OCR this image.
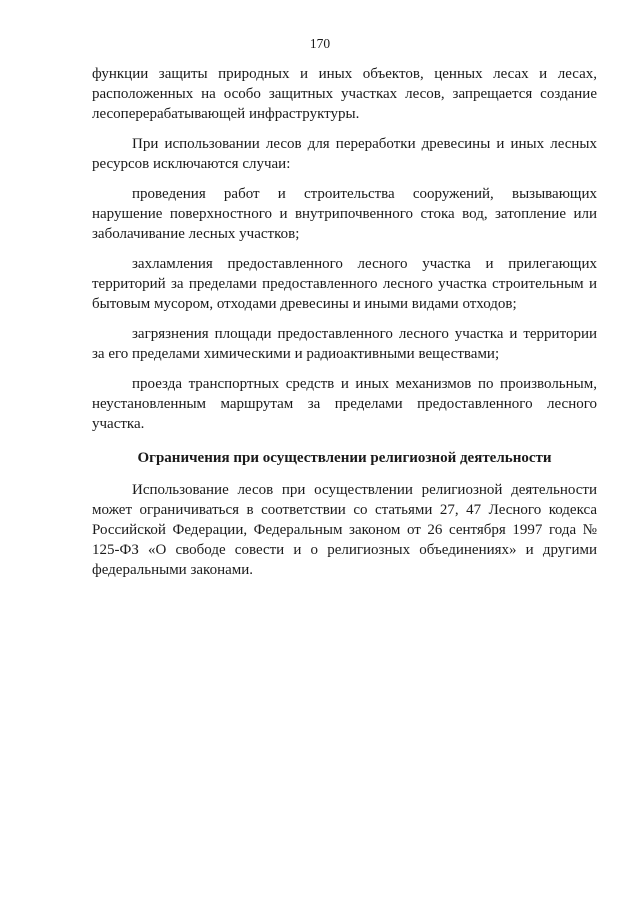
170

функции защиты природных и иных объектов, ценных лесах и лесах, расположенных на особо защитных участках лесов, запрещается создание лесоперерабатывающей инфраструктуры.

При использовании лесов для переработки древесины и иных лесных ресурсов исключаются случаи:

проведения работ и строительства сооружений, вызывающих нарушение поверхностного и внутрипочвенного стока вод, затопление или заболачивание лесных участков;

захламления предоставленного лесного участка и прилегающих территорий за пределами предоставленного лесного участка строительным и бытовым мусором, отходами древесины и иными видами отходов;

загрязнения площади предоставленного лесного участка и территории за его пределами химическими и радиоактивными веществами;

проезда транспортных средств и иных механизмов по произвольным, неустановленным маршрутам за пределами предоставленного лесного участка.

Ограничения при осуществлении религиозной деятельности

Использование лесов при осуществлении религиозной деятельности может ограничиваться в соответствии со статьями 27, 47 Лесного кодекса Российской Федерации, Федеральным законом от 26 сентября 1997 года № 125-ФЗ «О свободе совести и о религиозных объединениях» и другими федеральными законами.
